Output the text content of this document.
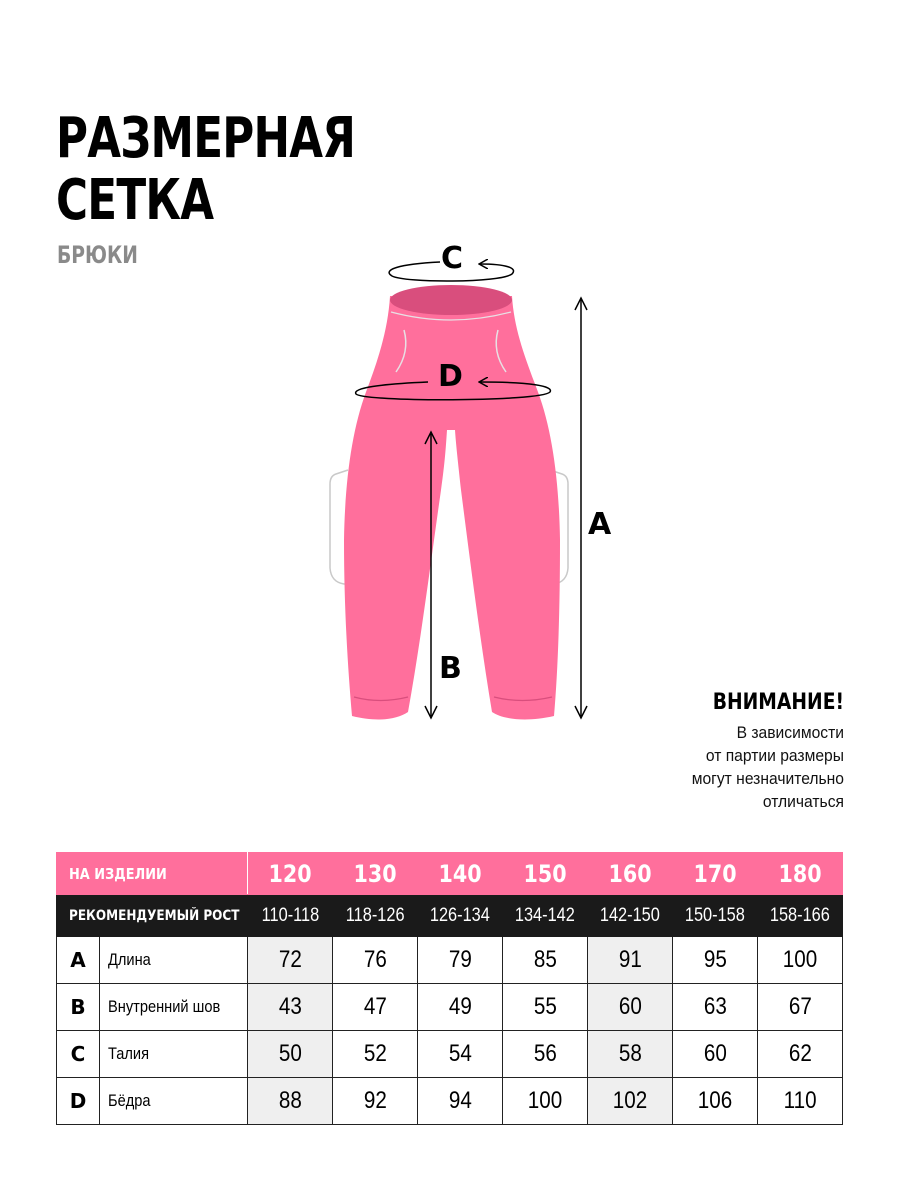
РАЗМЕРНАЯ
СЕТКА
БРЮКИ	C
D
A
B
ВНИМАНИЕ!
В зависимости
от партии размеры
могут незначительно
отличаться
НА ИЗДЕЛИИ		120	130	140	150	160	170	180
РЕКОМЕНДУЕМЫЙ РОСТ		110-118	118-126	126-134	134-142	142-150	150-158	158-166
A	Длина	72	76	79	85	91	95	100
B	Внутренний шов	43	47	49	55	60	63	67
C	Талия	50	52	54	56	58	60	62
D	Бёдра	88	92	94	100	102	106	110
